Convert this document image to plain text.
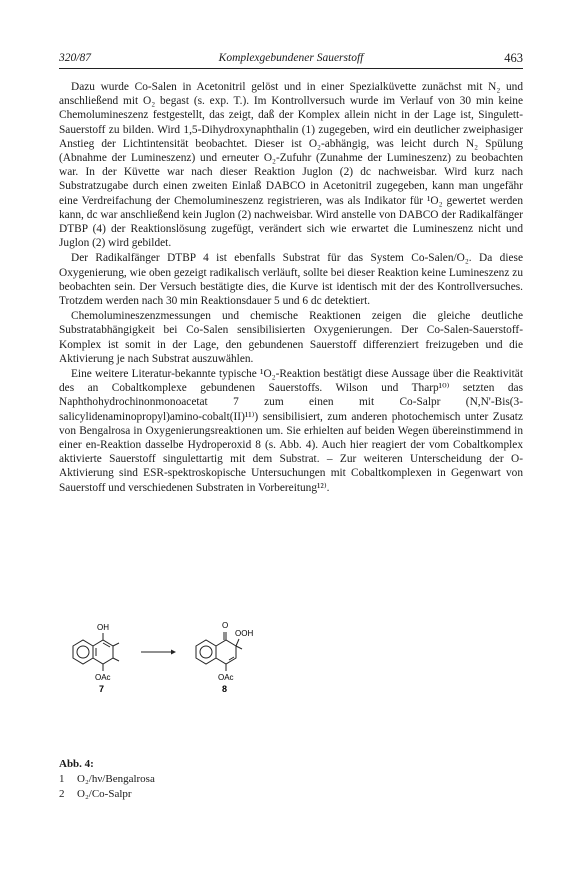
320/87	Komplexgebundener Sauerstoff	463

Dazu wurde Co-Salen in Acetonitril gelöst und in einer Spezialküvette zunächst mit N₂ und anschließend mit O₂ begast (s. exp. T.). Im Kontrollversuch wurde im Verlauf von 30 min keine Chemolumineszenz festgestellt, das zeigt, daß der Komplex allein nicht in der Lage ist, Singulett-Sauerstoff zu bilden. Wird 1,5-Dihydroxynaphthalin (1) zugegeben, wird ein deutlicher zweiphasiger Anstieg der Lichtintensität beobachtet. Dieser ist O₂-abhängig, was leicht durch N₂ Spülung (Abnahme der Lumineszenz) und erneuter O₂-Zufuhr (Zunahme der Lumineszenz) zu beobachten war. In der Küvette war nach dieser Reaktion Juglon (2) dc nachweisbar. Wird kurz nach Substratzugabe durch einen zweiten Einlaß DABCO in Acetonitril zugegeben, kann man ungefähr eine Verdreifachung der Chemolumineszenz registrieren, was als Indikator für ¹O₂ gewertet werden kann, dc war anschließend kein Juglon (2) nachweisbar. Wird anstelle von DABCO der Radikalfänger DTBP (4) der Reaktionslösung zugefügt, verändert sich wie erwartet die Lumineszenz nicht und Juglon (2) wird gebildet.

Der Radikalfänger DTBP 4 ist ebenfalls Substrat für das System Co-Salen/O₂. Da diese Oxygenierung, wie oben gezeigt radikalisch verläuft, sollte bei dieser Reaktion keine Lumineszenz zu beobachten sein. Der Versuch bestätigte dies, die Kurve ist identisch mit der des Kontrollversuches. Trotzdem werden nach 30 min Reaktionsdauer 5 und 6 dc detektiert.

Chemolumineszenzmessungen und chemische Reaktionen zeigen die gleiche deutliche Substratabhängigkeit bei Co-Salen sensibilisierten Oxygenierungen. Der Co-Salen-Sauerstoff-Komplex ist somit in der Lage, den gebundenen Sauerstoff differenziert freizugeben und die Aktivierung je nach Substrat auszuwählen.

Eine weitere Literatur-bekannte typische ¹O₂-Reaktion bestätigt diese Aussage über die Reaktivität des an Cobaltkomplexe gebundenen Sauerstoffs. Wilson und Tharp¹⁰⁾ setzten das Naphthohydrochinonmonoacetat 7 zum einen mit Co-Salpr (N,N'-Bis(3-salicylidenaminopropyl)amino-cobalt(II)¹¹⁾) sensibilisiert, zum anderen photochemisch unter Zusatz von Bengalrosa in Oxygenierungsreaktionen um. Sie erhielten auf beiden Wegen übereinstimmend in einer en-Reaktion dasselbe Hydroperoxid 8 (s. Abb. 4). Auch hier reagiert der vom Cobaltkomplex aktivierte Sauerstoff singulettartig mit dem Substrat. – Zur weiteren Unterscheidung der O-Aktivierung sind ESR-spektroskopische Untersuchungen mit Cobaltkomplexen in Gegenwart von Sauerstoff und verschiedenen Substraten in Vorbereitung¹²⁾.

OH
OAc
7
O
OOH
OAc
8
Abb. 4:
1 O₂/hν/Bengalrosa
2 O₂/Co-Salpr
